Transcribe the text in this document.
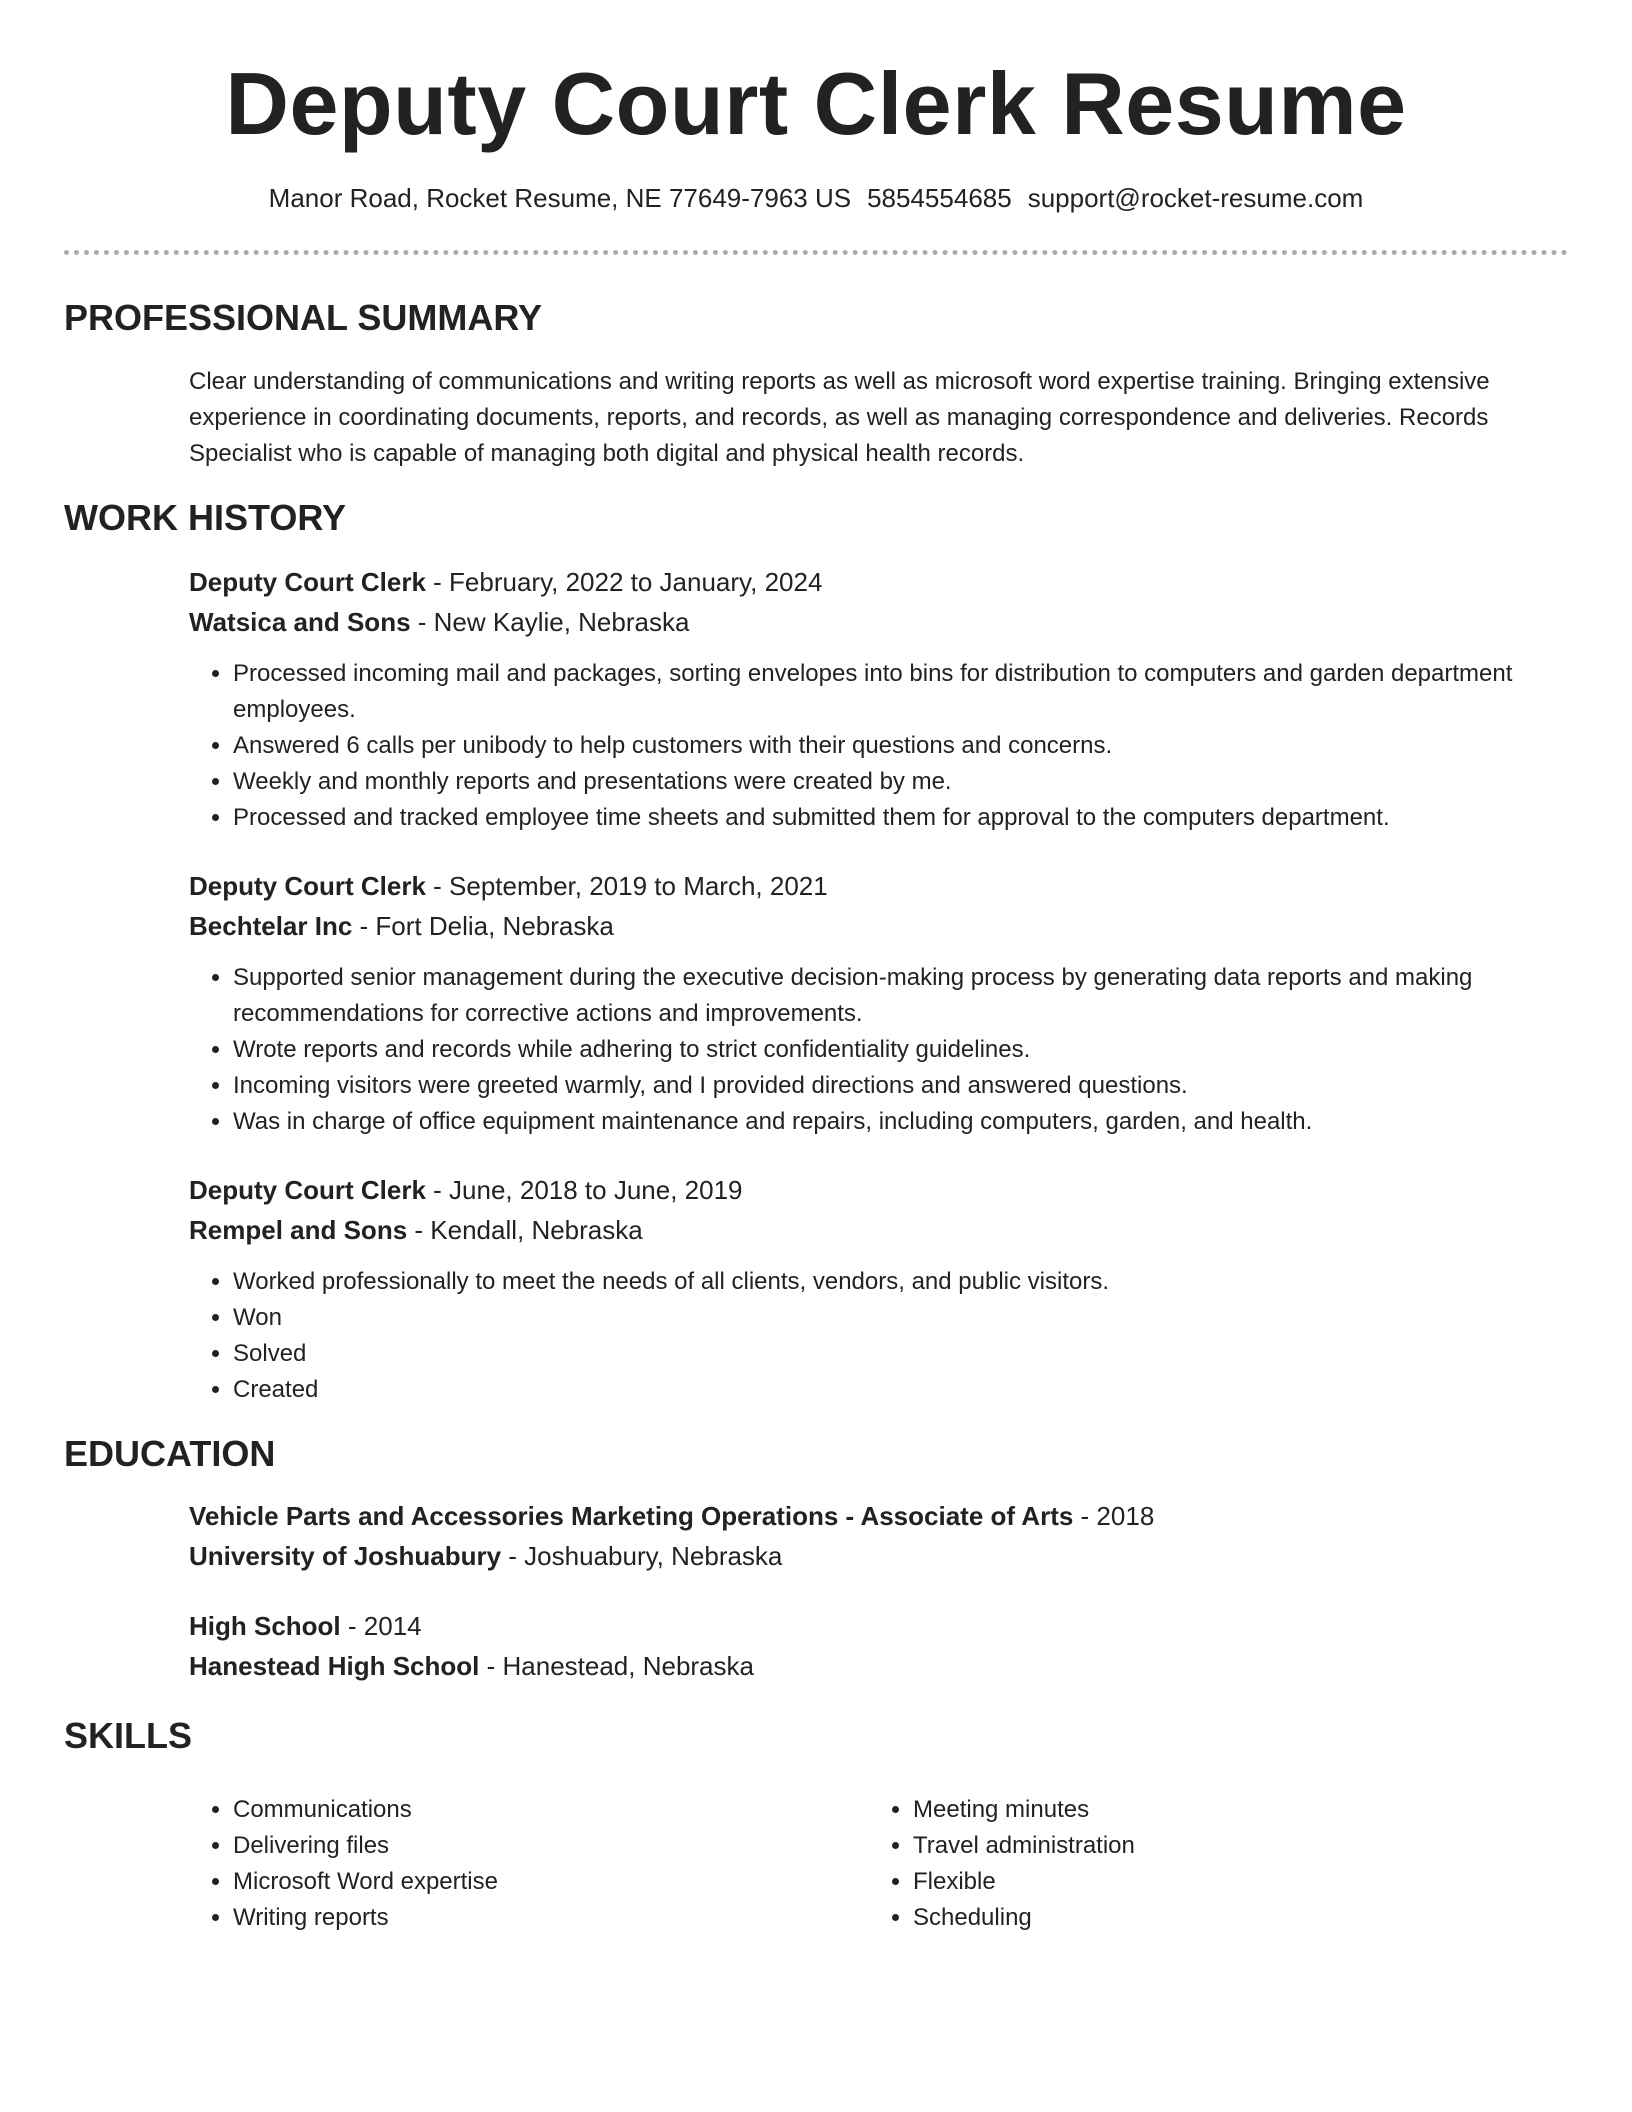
Deputy Court Clerk Resume
Manor Road, Rocket Resume, NE 77649-7963 US 5854554685 support@rocket-resume.com
PROFESSIONAL SUMMARY

Clear understanding of communications and writing reports as well as microsoft word expertise training. Bringing extensive experience in coordinating documents, reports, and records, as well as managing correspondence and deliveries. Records Specialist who is capable of managing both digital and physical health records.

WORK HISTORY
Deputy Court Clerk - February, 2022 to January, 2024
Watsica and Sons - New Kaylie, Nebraska
• Processed incoming mail and packages, sorting envelopes into bins for distribution to computers and garden department employees.
• Answered 6 calls per unibody to help customers with their questions and concerns.
• Weekly and monthly reports and presentations were created by me.
• Processed and tracked employee time sheets and submitted them for approval to the computers department.
Deputy Court Clerk - September, 2019 to March, 2021
Bechtelar Inc - Fort Delia, Nebraska
• Supported senior management during the executive decision-making process by generating data reports and making recommendations for corrective actions and improvements.
• Wrote reports and records while adhering to strict confidentiality guidelines.
• Incoming visitors were greeted warmly, and I provided directions and answered questions.
• Was in charge of office equipment maintenance and repairs, including computers, garden, and health.
Deputy Court Clerk - June, 2018 to June, 2019
Rempel and Sons - Kendall, Nebraska
• Worked professionally to meet the needs of all clients, vendors, and public visitors.
• Won
• Solved
• Created
EDUCATION
Vehicle Parts and Accessories Marketing Operations - Associate of Arts - 2018
University of Joshuabury - Joshuabury, Nebraska
High School - 2014
Hanestead High School - Hanestead, Nebraska
SKILLS
• Communications
• Delivering files
• Microsoft Word expertise
• Writing reports
• Meeting minutes
• Travel administration
• Flexible
• Scheduling
